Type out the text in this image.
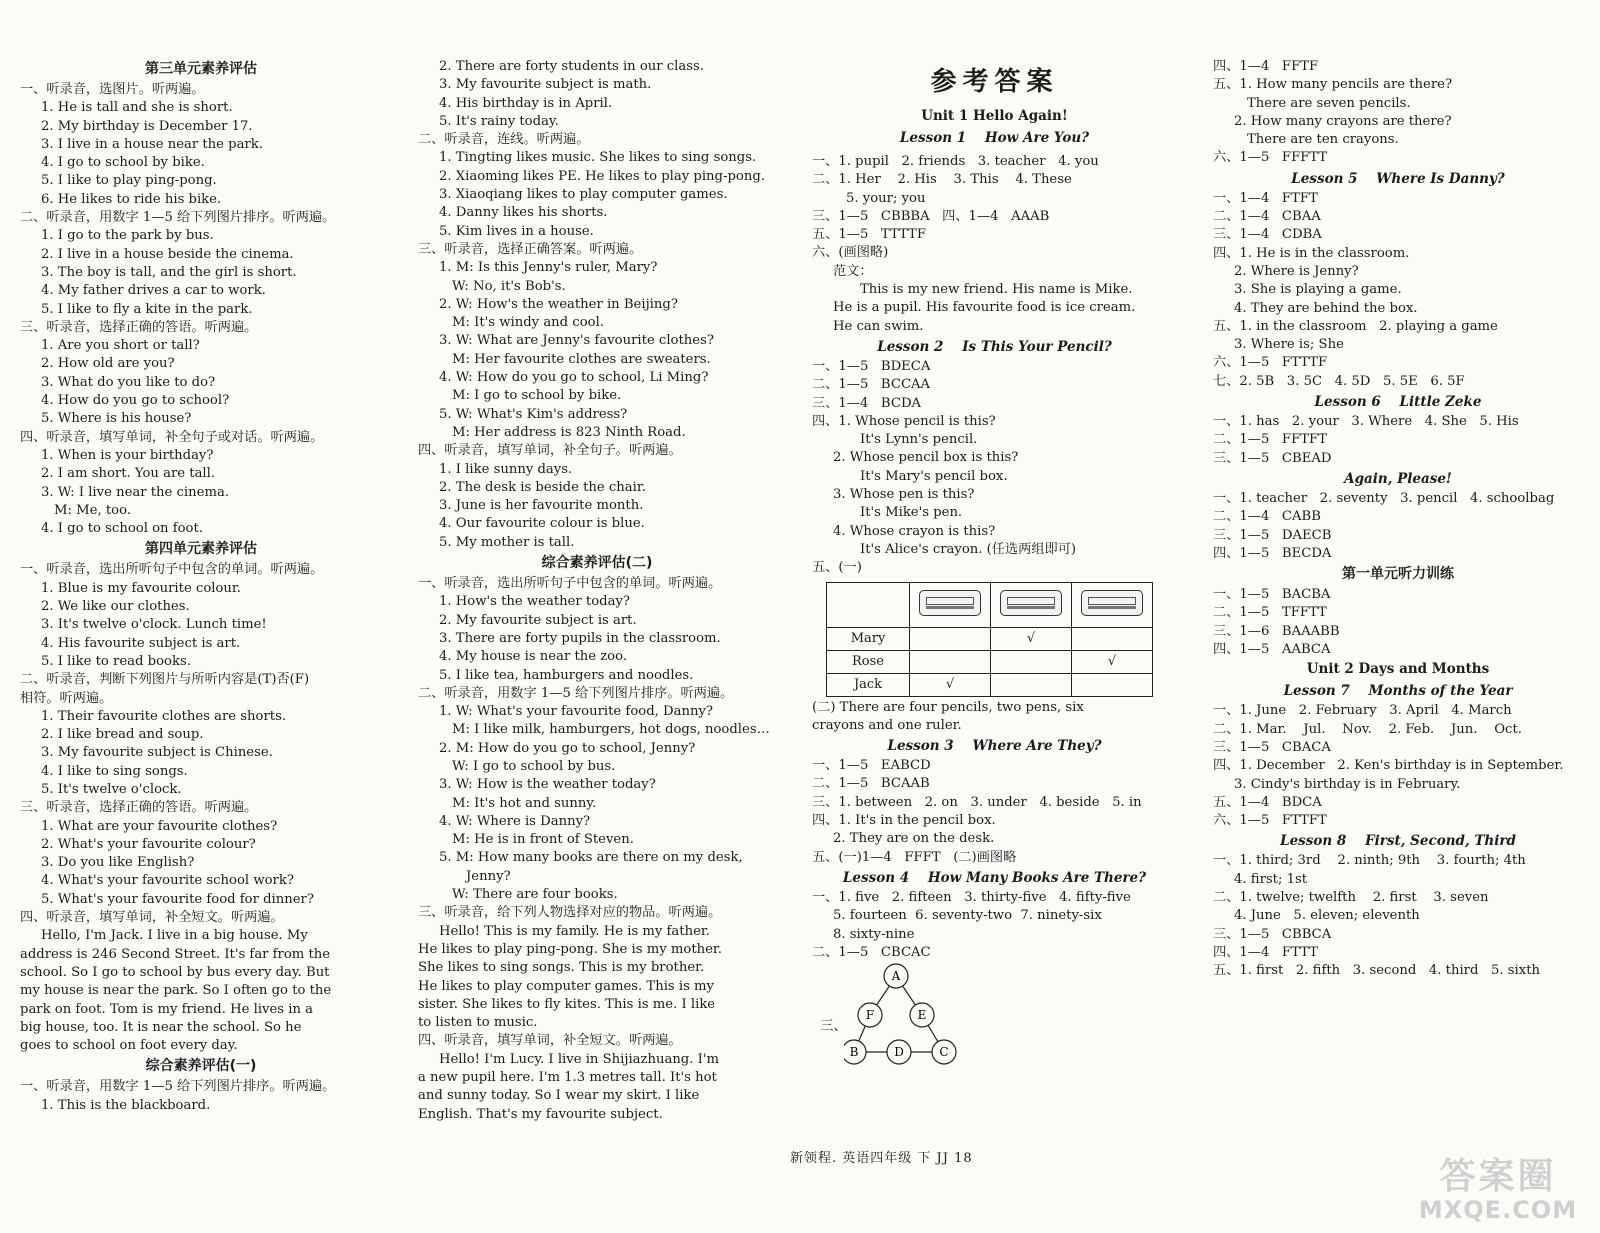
第三单元素养评估
一、听录音，选图片。听两遍。
1. He is tall and she is short.
2. My birthday is December 17.
3. I live in a house near the park.
4. I go to school by bike.
5. I like to play ping-pong.
6. He likes to ride his bike.
二、听录音，用数字 1—5 给下列图片排序。听两遍。
1. I go to the park by bus.
2. I live in a house beside the cinema.
3. The boy is tall, and the girl is short.
4. My father drives a car to work.
5. I like to fly a kite in the park.
三、听录音，选择正确的答语。听两遍。
1. Are you short or tall?
2. How old are you?
3. What do you like to do?
4. How do you go to school?
5. Where is his house?
四、听录音，填写单词，补全句子或对话。听两遍。
1. When is your birthday?
2. I am short. You are tall.
3. W: I live near the cinema.
M: Me, too.
4. I go to school on foot.
第四单元素养评估
一、听录音，选出所听句子中包含的单词。听两遍。
1. Blue is my favourite colour.
2. We like our clothes.
3. It's twelve o'clock. Lunch time!
4. His favourite subject is art.
5. I like to read books.
二、听录音，判断下列图片与所听内容是(T)否(F)
相符。听两遍。
1. Their favourite clothes are shorts.
2. I like bread and soup.
3. My favourite subject is Chinese.
4. I like to sing songs.
5. It's twelve o'clock.
三、听录音，选择正确的答语。听两遍。
1. What are your favourite clothes?
2. What's your favourite colour?
3. Do you like English?
4. What's your favourite school work?
5. What's your favourite food for dinner?
四、听录音，填写单词，补全短文。听两遍。
Hello, I'm Jack. I live in a big house. My
address is 246 Second Street. It's far from the
school. So I go to school by bus every day. But
my house is near the park. So I often go to the
park on foot. Tom is my friend. He lives in a
big house, too. It is near the school. So he
goes to school on foot every day.
综合素养评估(一)
一、听录音，用数字 1—5 给下列图片排序。听两遍。
1. This is the blackboard.
2. There are forty students in our class.
3. My favourite subject is math.
4. His birthday is in April.
5. It's rainy today.
二、听录音，连线。听两遍。
1. Tingting likes music. She likes to sing songs.
2. Xiaoming likes PE. He likes to play ping-pong.
3. Xiaoqiang likes to play computer games.
4. Danny likes his shorts.
5. Kim lives in a house.
三、听录音，选择正确答案。听两遍。
1. M: Is this Jenny's ruler, Mary?
W: No, it's Bob's.
2. W: How's the weather in Beijing?
M: It's windy and cool.
3. W: What are Jenny's favourite clothes?
M: Her favourite clothes are sweaters.
4. W: How do you go to school, Li Ming?
M: I go to school by bike.
5. W: What's Kim's address?
M: Her address is 823 Ninth Road.
四、听录音，填写单词，补全句子。听两遍。
1. I like sunny days.
2. The desk is beside the chair.
3. June is her favourite month.
4. Our favourite colour is blue.
5. My mother is tall.
综合素养评估(二)
一、听录音，选出所听句子中包含的单词。听两遍。
1. How's the weather today?
2. My favourite subject is art.
3. There are forty pupils in the classroom.
4. My house is near the zoo.
5. I like tea, hamburgers and noodles.
二、听录音，用数字 1—5 给下列图片排序。听两遍。
1. W: What's your favourite food, Danny?
M: I like milk, hamburgers, hot dogs, noodles…
2. M: How do you go to school, Jenny?
W: I go to school by bus.
3. W: How is the weather today?
M: It's hot and sunny.
4. W: Where is Danny?
M: He is in front of Steven.
5. M: How many books are there on my desk,
Jenny?
W: There are four books.
三、听录音，给下列人物选择对应的物品。听两遍。
Hello! This is my family. He is my father.
He likes to play ping-pong. She is my mother.
She likes to sing songs. This is my brother.
He likes to play computer games. This is my
sister. She likes to fly kites. This is me. I like
to listen to music.
四、听录音，填写单词，补全短文。听两遍。
Hello! I'm Lucy. I live in Shijiazhuang. I'm
a new pupil here. I'm 1.3 metres tall. It's hot
and sunny today. So I wear my skirt. I like
English. That's my favourite subject.
参考答案
Unit 1 Hello Again!
Lesson 1    How Are You?
一、1. pupil   2. friends   3. teacher   4. you
二、1. Her    2. His    3. This    4. These
5. your; you
三、1—5   CBBBA   四、1—4   AAAB
五、1—5   TTTTF
六、(画图略)
范文：
This is my new friend. His name is Mike.
He is a pupil. His favourite food is ice cream.
He can swim.
Lesson 2    Is This Your Pencil?
一、1—5   BDECA
二、1—5   BCCAA
三、1—4   BCDA
四、1. Whose pencil is this?
It's Lynn's pencil.
2. Whose pencil box is this?
It's Mary's pencil box.
3. Whose pen is this?
It's Mike's pen.
4. Whose crayon is this?
It's Alice's crayon. (任选两组即可)
五、(一)

Mary		√	
Rose			√
Jack	√		
(二) There are four pencils, two pens, six
crayons and one ruler.
Lesson 3    Where Are They?
一、1—5   EABCD
二、1—5   BCAAB
三、1. between   2. on   3. under   4. beside   5. in
四、1. It's in the pencil box.
2. They are on the desk.
五、(一)1—4   FFFT   (二)画图略
Lesson 4    How Many Books Are There?
一、1. five   2. fifteen   3. thirty-five   4. fifty-five
5. fourteen  6. seventy-two  7. ninety-six
8. sixty-nine
二、1—5   CBCAC
三、
A
F	E
B	D	C
四、1—4   FFTF
五、1. How many pencils are there?
There are seven pencils.
2. How many crayons are there?
There are ten crayons.
六、1—5   FFFTT
Lesson 5    Where Is Danny?
一、1—4   FTFT
二、1—4   CBAA
三、1—4   CDBA
四、1. He is in the classroom.
2. Where is Jenny?
3. She is playing a game.
4. They are behind the box.
五、1. in the classroom   2. playing a game
3. Where is; She
六、1—5   FTTTF
七、2. 5B   3. 5C   4. 5D   5. 5E   6. 5F
Lesson 6    Little Zeke
一、1. has   2. your   3. Where   4. She   5. His
二、1—5   FFTFT
三、1—5   CBEAD
Again, Please!
一、1. teacher   2. seventy   3. pencil   4. schoolbag
二、1—4   CABB
三、1—5   DAECB
四、1—5   BECDA
第一单元听力训练
一、1—5   BACBA
二、1—5   TFFTT
三、1—6   BAAABB
四、1—5   AABCA
Unit 2 Days and Months
Lesson 7    Months of the Year
一、1. June   2. February   3. April   4. March
二、1. Mar.    Jul.    Nov.    2. Feb.    Jun.    Oct.
三、1—5   CBACA
四、1. December   2. Ken's birthday is in September.
3. Cindy's birthday is in February.
五、1—4   BDCA
六、1—5   FTTFT
Lesson 8    First, Second, Third
一、1. third; 3rd    2. ninth; 9th    3. fourth; 4th
4. first; 1st
二、1. twelve; twelfth    2. first    3. seven
4. June   5. eleven; eleventh
三、1—5   CBBCA
四、1—4   FTTT
五、1. first   2. fifth   3. second   4. third   5. sixth
新领程. 英语四年级 下 JJ 18	答案圈
MXQE.COM
